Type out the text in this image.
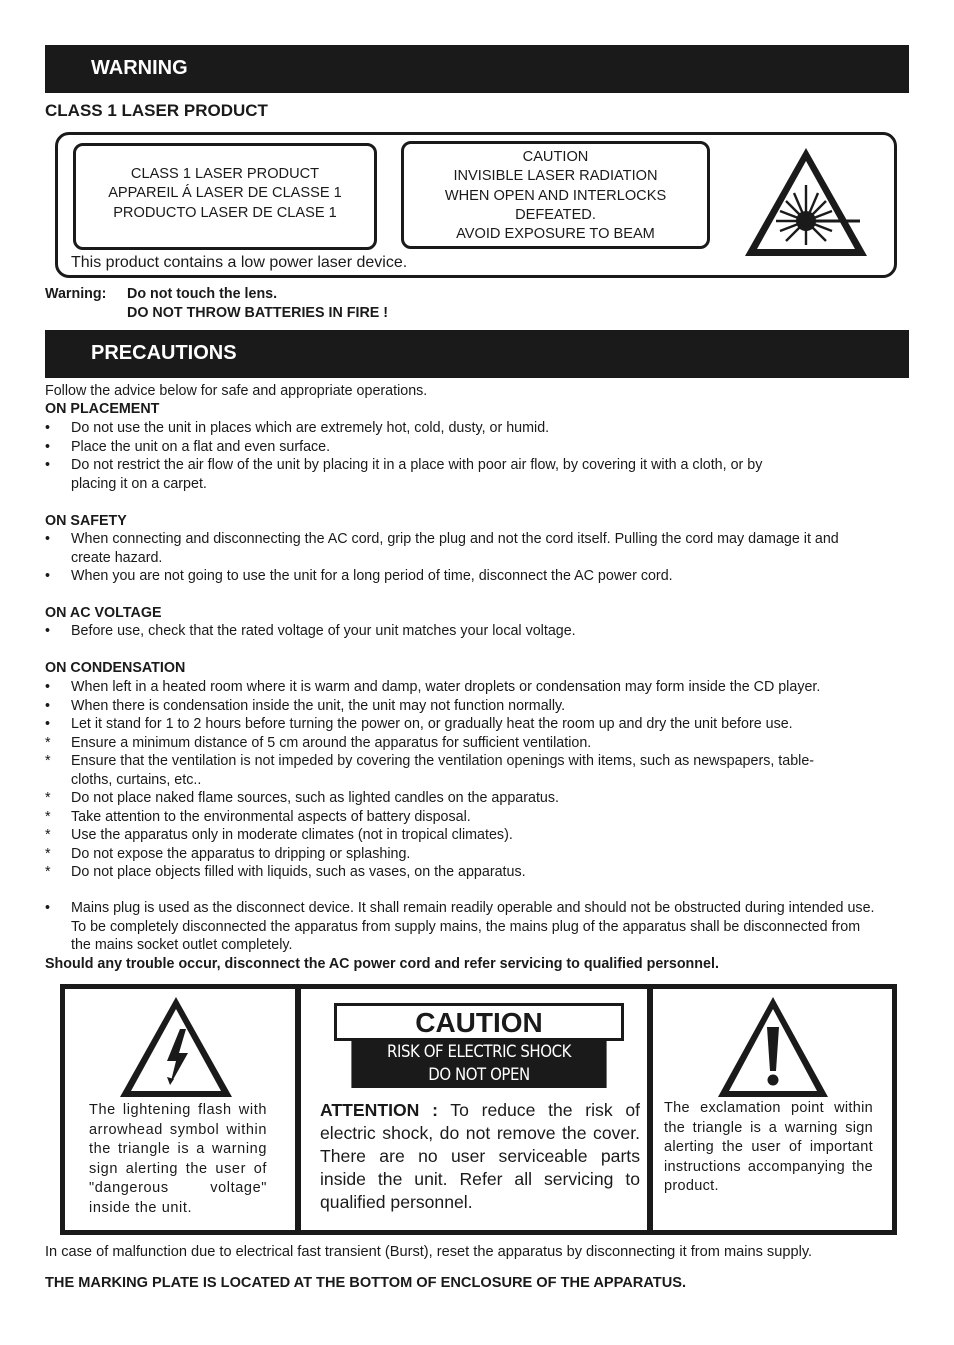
WARNING
CLASS 1 LASER PRODUCT
CLASS 1 LASER PRODUCT
APPAREIL Á LASER DE CLASSE 1
PRODUCTO LASER DE CLASE 1
CAUTION
INVISIBLE LASER RADIATION
WHEN OPEN AND INTERLOCKS
DEFEATED.
AVOID EXPOSURE TO BEAM
This product contains a low power laser device.
Warning: Do not touch the lens.
DO NOT THROW BATTERIES IN FIRE !
PRECAUTIONS
Follow the advice below for safe and appropriate operations.
ON PLACEMENT
• Do not use the unit in places which are extremely hot, cold, dusty, or humid.
• Place the unit on a flat and even surface.
• Do not restrict the air flow of the unit by placing it in a place with poor air flow, by covering it with a cloth, or by placing it on a carpet.
ON SAFETY
• When connecting and disconnecting the AC cord, grip the plug and not the cord itself. Pulling the cord may damage it and create hazard.
• When you are not going to use the unit for a long period of time, disconnect the AC power cord.
ON AC VOLTAGE
• Before use, check that the rated voltage of your unit matches your local voltage.
ON CONDENSATION
• When left in a heated room where it is warm and damp, water droplets or condensation may form inside the CD player.
• When there is condensation inside the unit, the unit may not function normally.
• Let it stand for 1 to 2 hours before turning the power on, or gradually heat the room up and dry the unit before use.
* Ensure a minimum distance of 5 cm around the apparatus for sufficient ventilation.
* Ensure that the ventilation is not impeded by covering the ventilation openings with items, such as newspapers, table-cloths, curtains, etc..
* Do not place naked flame sources, such as lighted candles on the apparatus.
* Take attention to the environmental aspects of battery disposal.
* Use the apparatus only in moderate climates (not in tropical climates).
* Do not expose the apparatus to dripping or splashing.
* Do not place objects filled with liquids, such as vases, on the apparatus.
• Mains plug is used as the disconnect device. It shall remain readily operable and should not be obstructed during intended use. To be completely disconnected the apparatus from supply mains, the mains plug of the apparatus shall be disconnected from the mains socket outlet completely.
Should any trouble occur, disconnect the AC power cord and refer servicing to qualified personnel.
The lightening flash with arrowhead symbol within the triangle is a warning sign alerting the user of "dangerous voltage" inside the unit.
CAUTION
RISK OF ELECTRIC SHOCK
DO NOT OPEN
ATTENTION : To reduce the risk of electric shock, do not remove the cover. There are no user serviceable parts inside the unit. Refer all servicing to qualified personnel.
The exclamation point within the triangle is a warning sign alerting the user of important instructions accompanying the product.
In case of malfunction due to electrical fast transient (Burst), reset the apparatus by disconnecting it from mains supply.
THE MARKING PLATE IS LOCATED AT THE BOTTOM OF ENCLOSURE OF THE APPARATUS.
